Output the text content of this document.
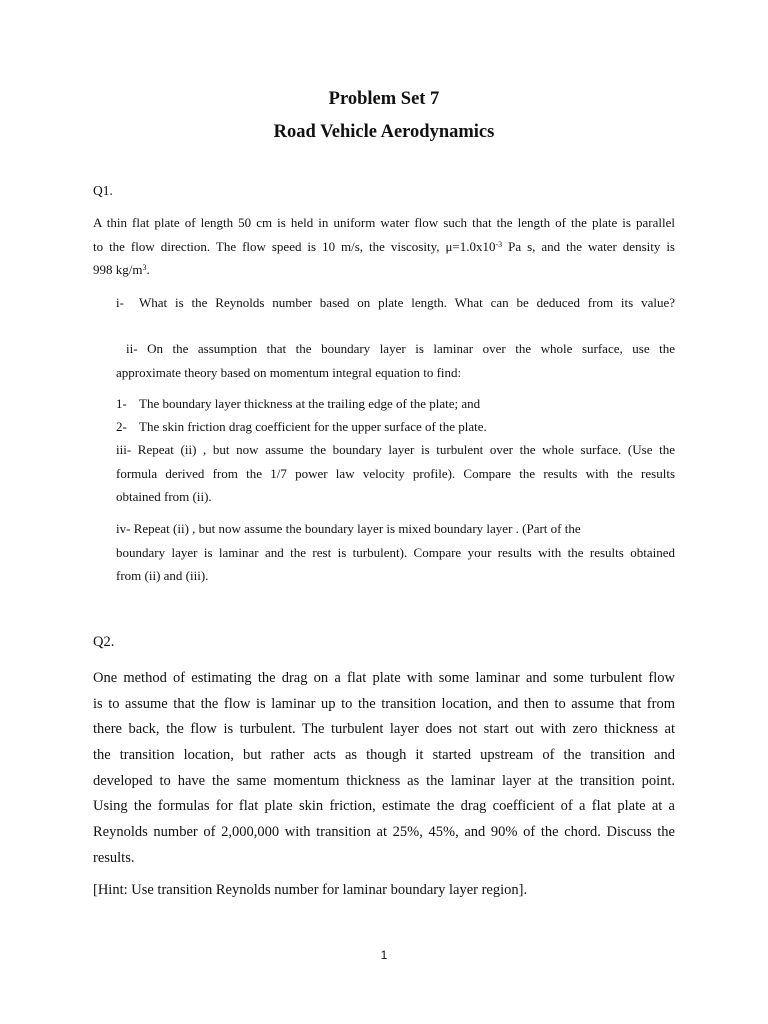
Problem Set 7
Road Vehicle Aerodynamics
Q1.
A thin flat plate of length 50 cm is held in uniform water flow such that the length of the plate is parallel
to the flow direction. The flow speed is 10 m/s, the viscosity, $\mu=1.0x10^{-3}$ Pa s, and the water density is
998 $kg/m^3$.
i- What is the Reynolds number based on plate length. What can be deduced from its value?
ii- On the assumption that the boundary layer is laminar over the whole surface, use the
approximate theory based on momentum integral equation to find:
1- The boundary layer thickness at the trailing edge of the plate; and
2- The skin friction drag coefficient for the upper surface of the plate.
iii- Repeat (ii) , but now assume the boundary layer is turbulent over the whole surface. (Use the
formula derived from the 1/7 power law velocity profile). Compare the results with the results
obtained from (ii).
iv- Repeat (ii) , but now assume the boundary layer is mixed boundary layer . (Part of the
boundary layer is laminar and the rest is turbulent). Compare your results with the results obtained
from (ii) and (iii).
Q2.
One method of estimating the drag on a flat plate with some laminar and some turbulent flow
is to assume that the flow is laminar up to the transition location, and then to assume that from
there back, the flow is turbulent. The turbulent layer does not start out with zero thickness at
the transition location, but rather acts as though it started upstream of the transition and
developed to have the same momentum thickness as the laminar layer at the transition point.
Using the formulas for flat plate skin friction, estimate the drag coefficient of a flat plate at a
Reynolds number of 2,000,000 with transition at 25%, 45%, and 90% of the chord. Discuss the
results.
[Hint: Use transition Reynolds number for laminar boundary layer region].
1
